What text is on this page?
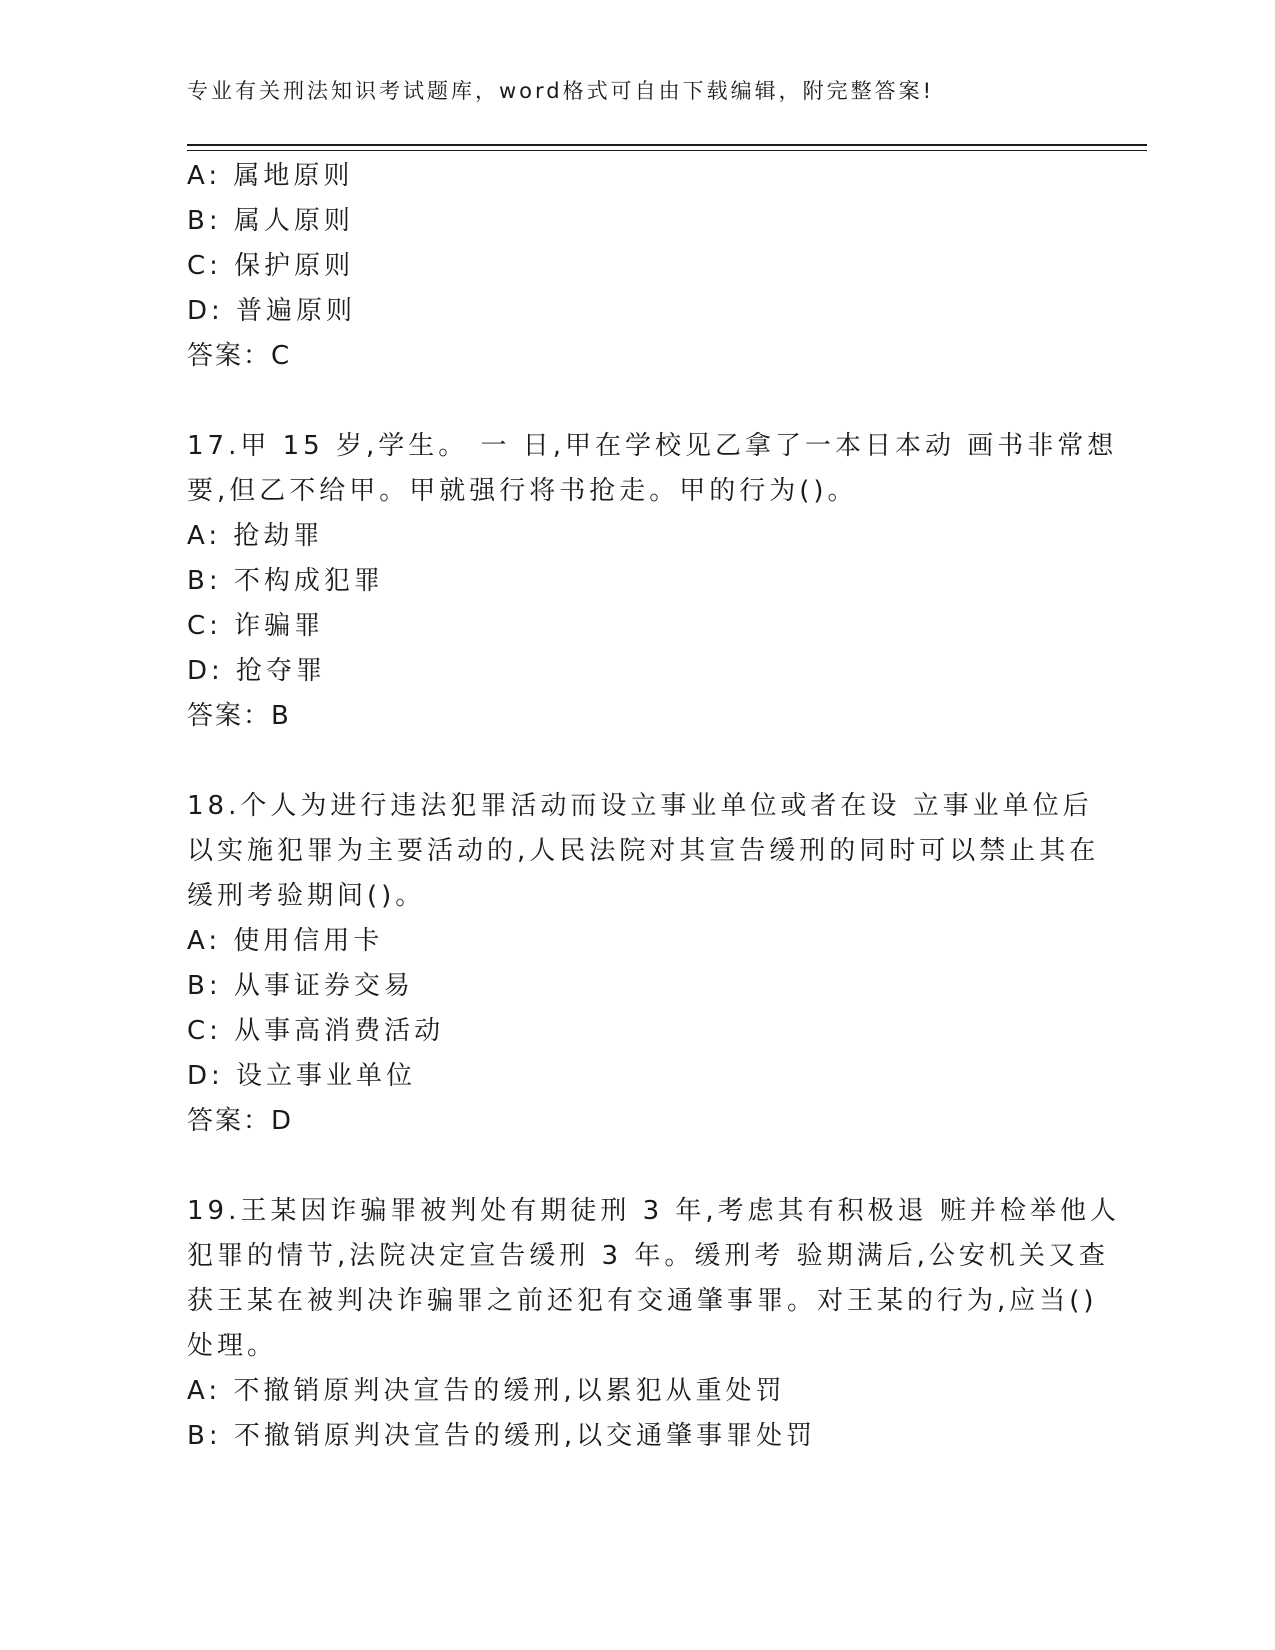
专业有关刑法知识考试题库，word格式可自由下载编辑，附完整答案!
A: 属地原则
B: 属人原则
C: 保护原则
D: 普遍原则
答案：C
17.甲 15 岁,学生。 一 日,甲在学校见乙拿了一本日本动 画书非常想
要,但乙不给甲。甲就强行将书抢走。甲的行为()。
A: 抢劫罪
B: 不构成犯罪
C: 诈骗罪
D: 抢夺罪
答案：B
18.个人为进行违法犯罪活动而设立事业单位或者在设 立事业单位后
以实施犯罪为主要活动的,人民法院对其宣告缓刑的同时可以禁止其在
缓刑考验期间()。
A: 使用信用卡
B: 从事证券交易
C: 从事高消费活动
D: 设立事业单位
答案：D
19.王某因诈骗罪被判处有期徒刑 3 年,考虑其有积极退 赃并检举他人
犯罪的情节,法院决定宣告缓刑 3 年。缓刑考 验期满后,公安机关又查
获王某在被判决诈骗罪之前还犯有交通肇事罪。对王某的行为,应当()
处理。
A: 不撤销原判决宣告的缓刑,以累犯从重处罚
B: 不撤销原判决宣告的缓刑,以交通肇事罪处罚
